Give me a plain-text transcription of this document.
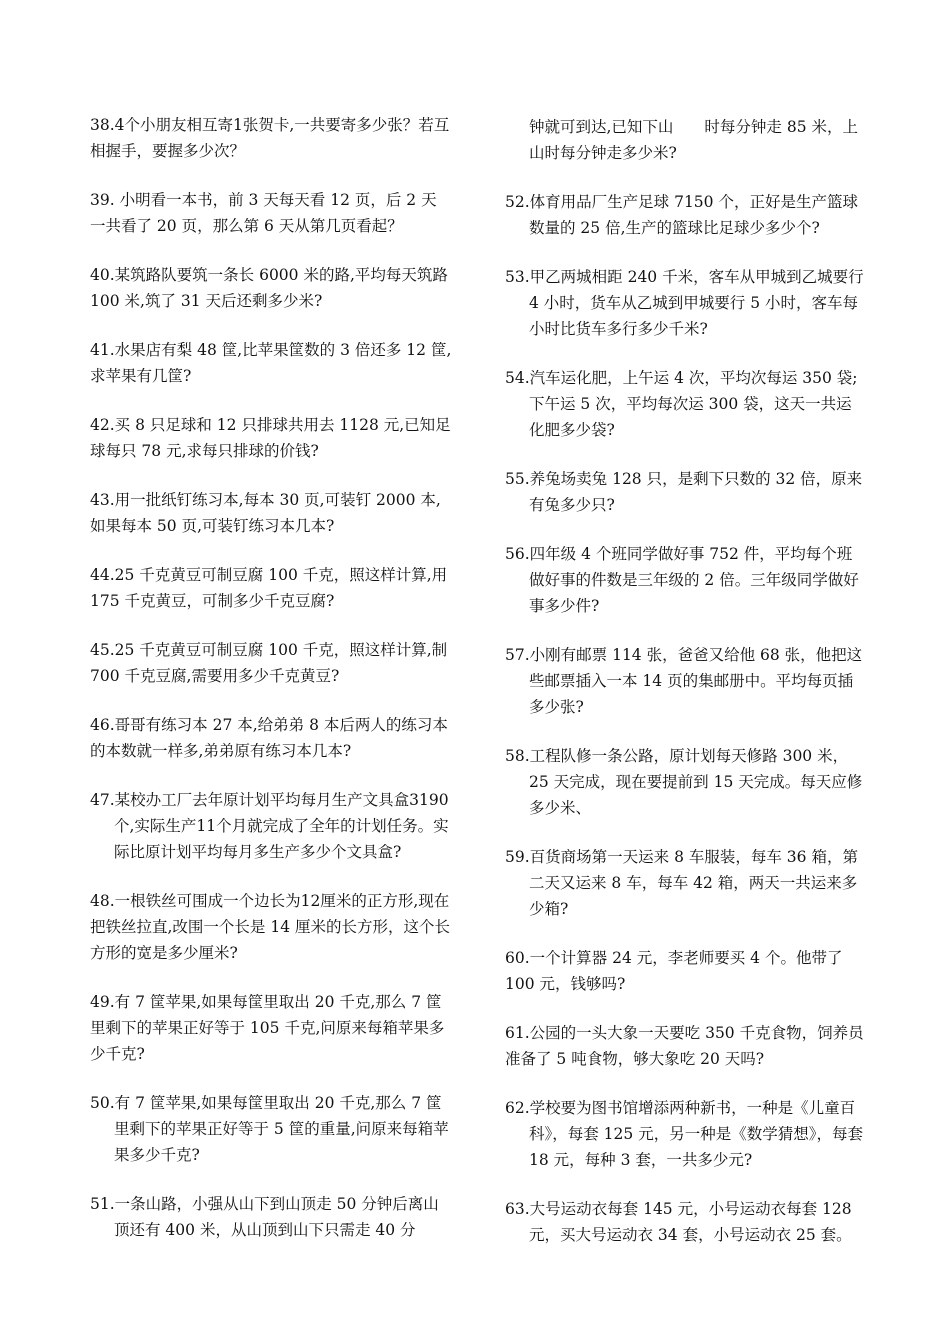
38.4个小朋友相互寄1张贺卡,一共要寄多少张？若互相握手，要握多少次？

39. 小明看一本书，前 3 天每天看 12 页，后 2 天一共看了 20 页，那么第 6 天从第几页看起？

40.某筑路队要筑一条长 6000 米的路,平均每天筑路 100 米,筑了 31 天后还剩多少米?

41.水果店有梨 48 筐,比苹果筐数的 3 倍还多 12 筐,求苹果有几筐?

42.买 8 只足球和 12 只排球共用去 1128 元,已知足球每只 78 元,求每只排球的价钱?

43.用一批纸钉练习本,每本 30 页,可装钉 2000 本,如果每本 50 页,可装钉练习本几本?

44.25 千克黄豆可制豆腐 100 千克，照这样计算,用 175 千克黄豆，可制多少千克豆腐?

45.25 千克黄豆可制豆腐 100 千克，照这样计算,制 700 千克豆腐,需要用多少千克黄豆?

46.哥哥有练习本 27 本,给弟弟 8 本后两人的练习本的本数就一样多,弟弟原有练习本几本?

47.某校办工厂去年原计划平均每月生产文具盒3190个,实际生产11个月就完成了全年的计划任务。实际比原计划平均每月多生产多少个文具盒?

48.一根铁丝可围成一个边长为12厘米的正方形,现在把铁丝拉直,改围一个长是 14 厘米的长方形，这个长方形的宽是多少厘米?

49.有 7 筐苹果,如果每筐里取出 20 千克,那么 7 筐里剩下的苹果正好等于 105 千克,问原来每箱苹果多少千克?

50.有 7 筐苹果,如果每筐里取出 20 千克,那么 7 筐里剩下的苹果正好等于 5 筐的重量,问原来每箱苹果多少千克?

51.一条山路，小强从山下到山顶走 50 分钟后离山顶还有 400 米，从山顶到山下只需走 40 分

钟就可到达,已知下山　　时每分钟走 85 米，上山时每分钟走多少米?

52.体育用品厂生产足球 7150 个，正好是生产篮球数量的 25 倍,生产的篮球比足球少多少个?

53.甲乙两城相距 240 千米，客车从甲城到乙城要行 4 小时，货车从乙城到甲城要行 5 小时，客车每小时比货车多行多少千米?

54.汽车运化肥，上午运 4 次，平均次每运 350 袋;下午运 5 次，平均每次运 300 袋，这天一共运化肥多少袋?

55.养兔场卖兔 128 只，是剩下只数的 32 倍，原来有兔多少只?

56.四年级 4 个班同学做好事 752 件，平均每个班做好事的件数是三年级的 2 倍。三年级同学做好事多少件?

57.小刚有邮票 114 张，爸爸又给他 68 张，他把这些邮票插入一本 14 页的集邮册中。平均每页插多少张?

58.工程队修一条公路，原计划每天修路 300 米，25 天完成，现在要提前到 15 天完成。每天应修多少米、

59.百货商场第一天运来 8 车服装，每车 36 箱，第二天又运来 8 车，每车 42 箱，两天一共运来多少箱?

60.一个计算器 24 元，李老师要买 4 个。他带了 100 元，钱够吗?

61.公园的一头大象一天要吃 350 千克食物，饲养员准备了 5 吨食物，够大象吃 20 天吗?

62.学校要为图书馆增添两种新书，一种是《儿童百科》，每套 125 元，另一种是《数学猜想》，每套 18 元，每种 3 套，一共多少元?

63.大号运动衣每套 145 元，小号运动衣每套 128 元，买大号运动衣 34 套，小号运动衣 25 套。
